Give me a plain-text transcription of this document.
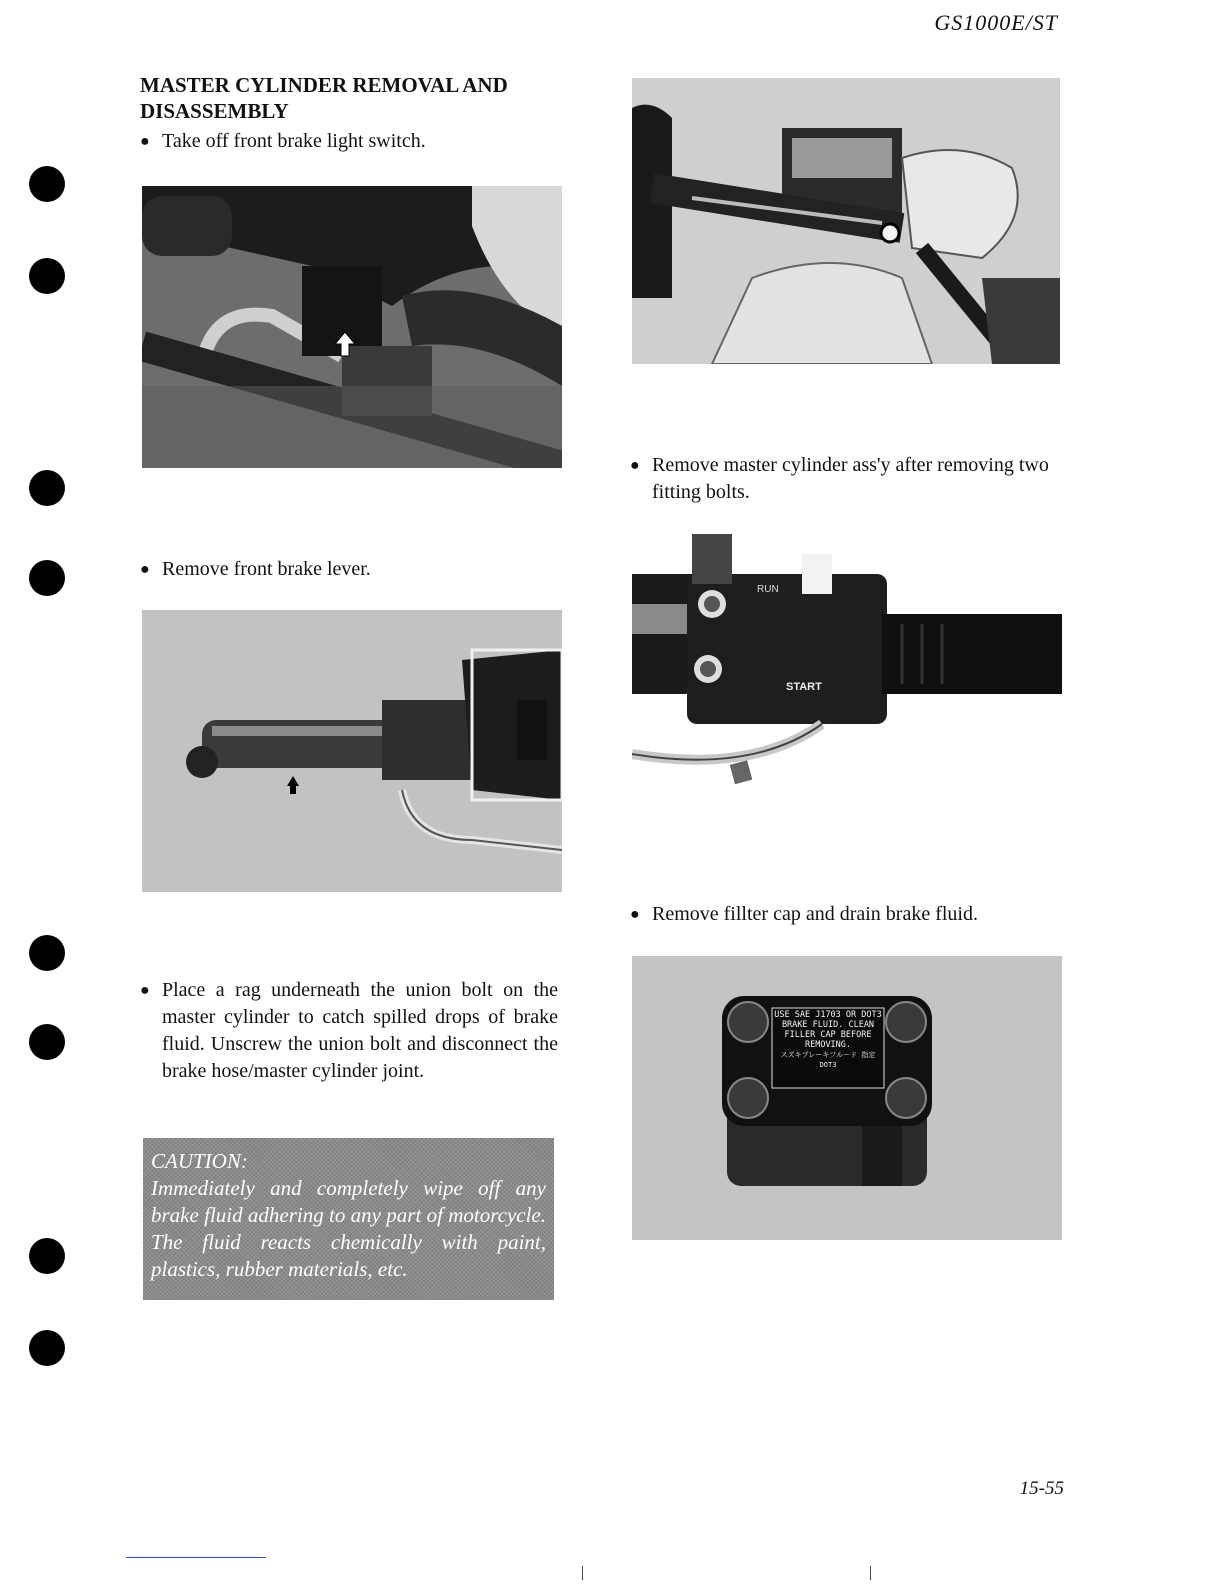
GS1000E/ST
15-55
MASTER CYLINDER REMOVAL AND DISASSEMBLY
● Take off front brake light switch.
● Remove front brake lever.
● Place a rag underneath the union bolt on the master cylinder to catch spilled drops of brake fluid. Unscrew the union bolt and disconnect the brake hose/master cylinder joint.
CAUTION:
Immediately and completely wipe off any brake fluid adhering to any part of motorcycle. The fluid reacts chemically with paint, plastics, rubber materials, etc.
● Remove master cylinder ass'y after removing two fitting bolts.
RUN
START
● Remove fillter cap and drain brake fluid.
USE SAE J1703 OR DOT3 BRAKE FLUID. CLEAN FILLER CAP BEFORE REMOVING.
スズキブレーキフルード 指定 DOT3
